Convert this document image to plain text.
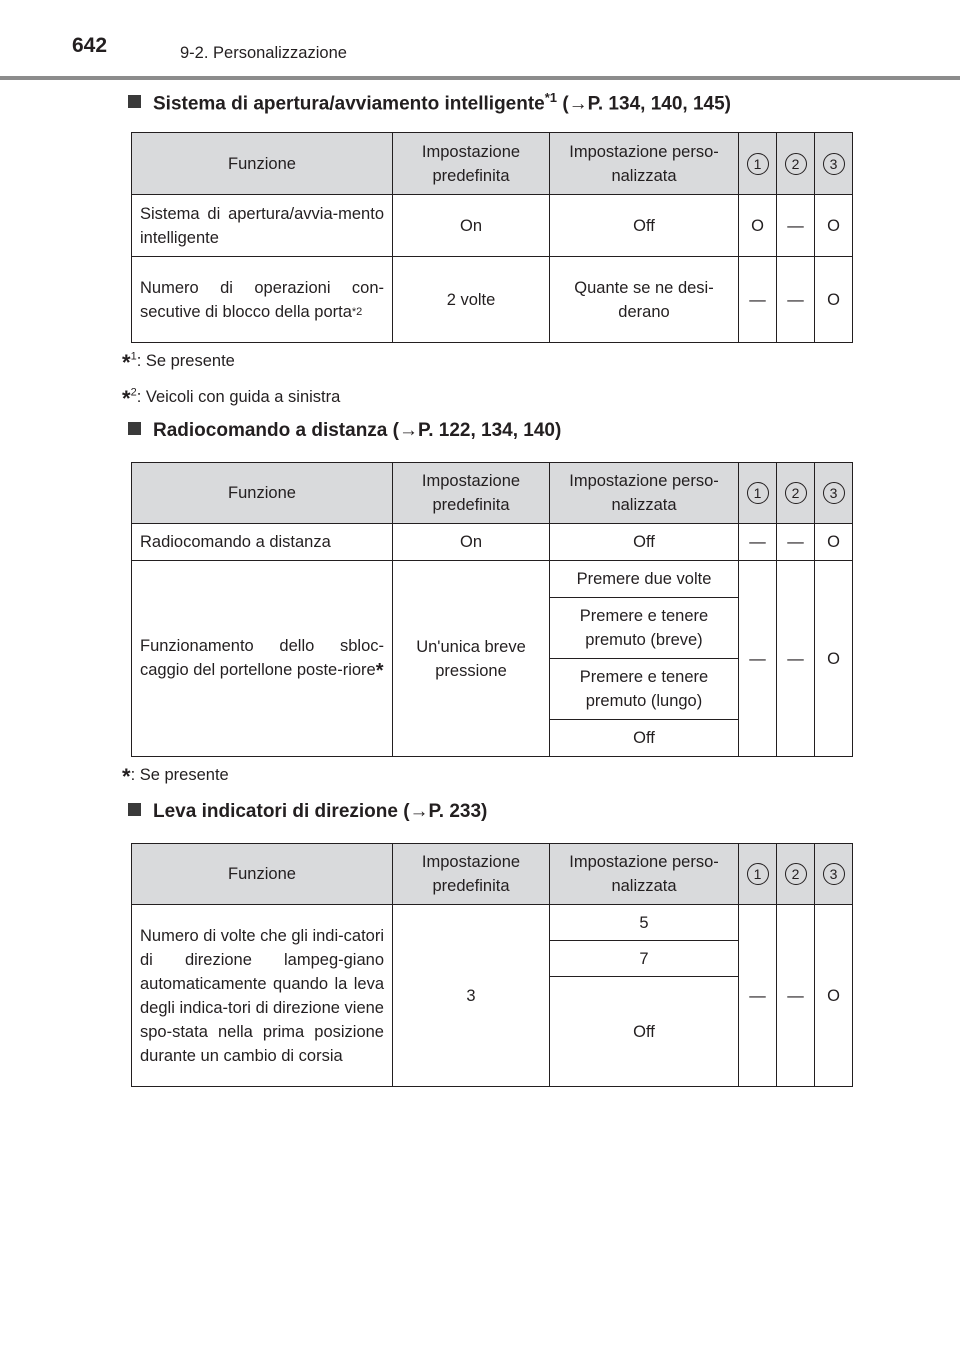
642	9-2. Personalizzazione
Sistema di apertura/avviamento intelligente$^{*1}$ (→P. 134, 140, 145)
Funzione	Impostazione predefinita	Impostazione perso-nalizzata	1	2	3
Sistema di apertura/avvia-mento intelligente	On	Off	O	—	O
Numero di operazioni con-secutive di blocco della porta$^{*2}$	2 volte	Quante se ne desi-derano	—	—	O
*$^1$: Se presente
*$^2$: Veicoli con guida a sinistra
Radiocomando a distanza (→P. 122, 134, 140)
Funzione	Impostazione predefinita	Impostazione perso-nalizzata	1	2	3
Radiocomando a distanza	On	Off	—	—	O
Funzionamento dello sbloc-caggio del portellone poste-riore*	Un'unica breve pressione	Premere due volte	—	—	O
		Premere e tenere premuto (breve)			
		Premere e tenere premuto (lungo)			
		Off			
*: Se presente
Leva indicatori di direzione (→P. 233)
Funzione	Impostazione predefinita	Impostazione perso-nalizzata	1	2	3
Numero di volte che gli indi-catori di direzione lampeg-giano automaticamente quando la leva degli indica-tori di direzione viene spo-stata nella prima posizione durante un cambio di corsia	3	5	—	—	O
		7			
		Off			
